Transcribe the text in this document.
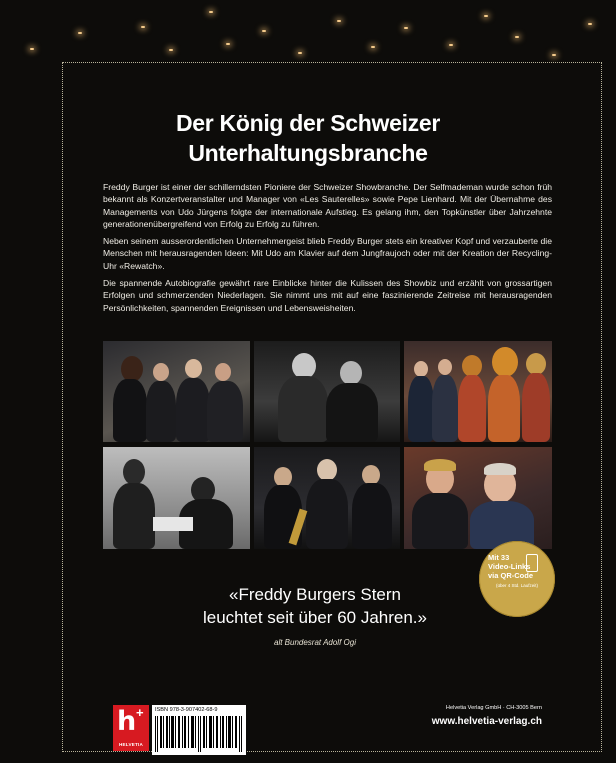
Der König der Schweizer
Unterhaltungsbranche

Freddy Burger ist einer der schillerndsten Pioniere der Schweizer Showbranche. Der Selfmademan wurde schon früh bekannt als Konzertveranstalter und Manager von «Les Sauterelles» sowie Pepe Lienhard. Mit der Übernahme des Managements von Udo Jürgens folgte der internationale Aufstieg. Es gelang ihm, den Topkünstler über Jahrzehnte generationenübergreifend von Erfolg zu Erfolg zu führen.

Neben seinem ausserordentlichen Unternehmergeist blieb Freddy Burger stets ein kreativer Kopf und verzauberte die Menschen mit herausragenden Ideen: Mit Udo am Klavier auf dem Jungfraujoch oder mit der Kreation der Recycling-Uhr «Rewatch».

Die spannende Autobiografie gewährt rare Einblicke hinter die Kulissen des Showbiz und erzählt von grossartigen Erfolgen und schmerzenden Niederlagen. Sie nimmt uns mit auf eine faszinierende Zeitreise mit herausragenden Persönlichkeiten, spannenden Ereignissen und Lebensweisheiten.

Mit 33
Video-Links
via QR-Code
(über 4 Std. Laufzeit)

«Freddy Burgers Stern
leuchtet seit über 60 Jahren.»

alt Bundesrat Adolf Ogi
h +
HELVETIA
ISBN 978-3-907402-68-9	Helvetia Verlag GmbH · CH-3005 Bern
www.helvetia-verlag.ch
